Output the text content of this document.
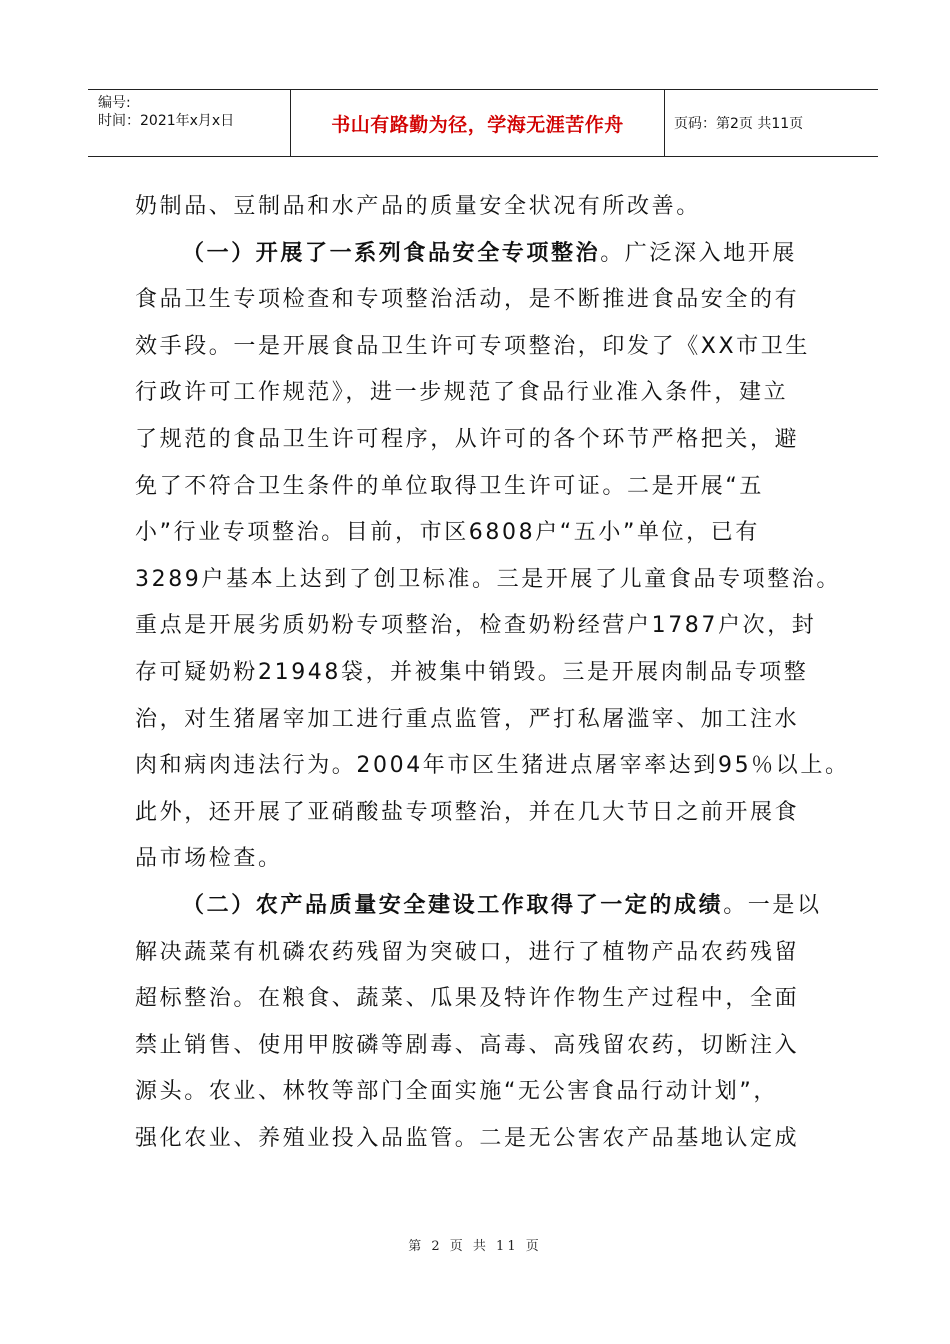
编号:
时间：2021年x月x日	书山有路勤为径，学海无涯苦作舟	页码：第2页 共11页
奶制品、豆制品和水产品的质量安全状况有所改善。
（一）开展了一系列食品安全专项整治。广泛深入地开展
食品卫生专项检查和专项整治活动，是不断推进食品安全的有
效手段。一是开展食品卫生许可专项整治，印发了《XX市卫生
行政许可工作规范》，进一步规范了食品行业准入条件，建立
了规范的食品卫生许可程序，从许可的各个环节严格把关，避
免了不符合卫生条件的单位取得卫生许可证。二是开展“五
小”行业专项整治。目前，市区6808户“五小”单位，已有
3289户基本上达到了创卫标准。三是开展了儿童食品专项整治。
重点是开展劣质奶粉专项整治，检查奶粉经营户1787户次，封
存可疑奶粉21948袋，并被集中销毁。三是开展肉制品专项整
治，对生猪屠宰加工进行重点监管，严打私屠滥宰、加工注水
肉和病肉违法行为。2004年市区生猪进点屠宰率达到95％以上。
此外，还开展了亚硝酸盐专项整治，并在几大节日之前开展食
品市场检查。
（二）农产品质量安全建设工作取得了一定的成绩。一是以
解决蔬菜有机磷农药残留为突破口，进行了植物产品农药残留
超标整治。在粮食、蔬菜、瓜果及特许作物生产过程中，全面
禁止销售、使用甲胺磷等剧毒、高毒、高残留农药，切断注入
源头。农业、林牧等部门全面实施“无公害食品行动计划”，
强化农业、养殖业投入品监管。二是无公害农产品基地认定成
第 2 页 共 11 页
